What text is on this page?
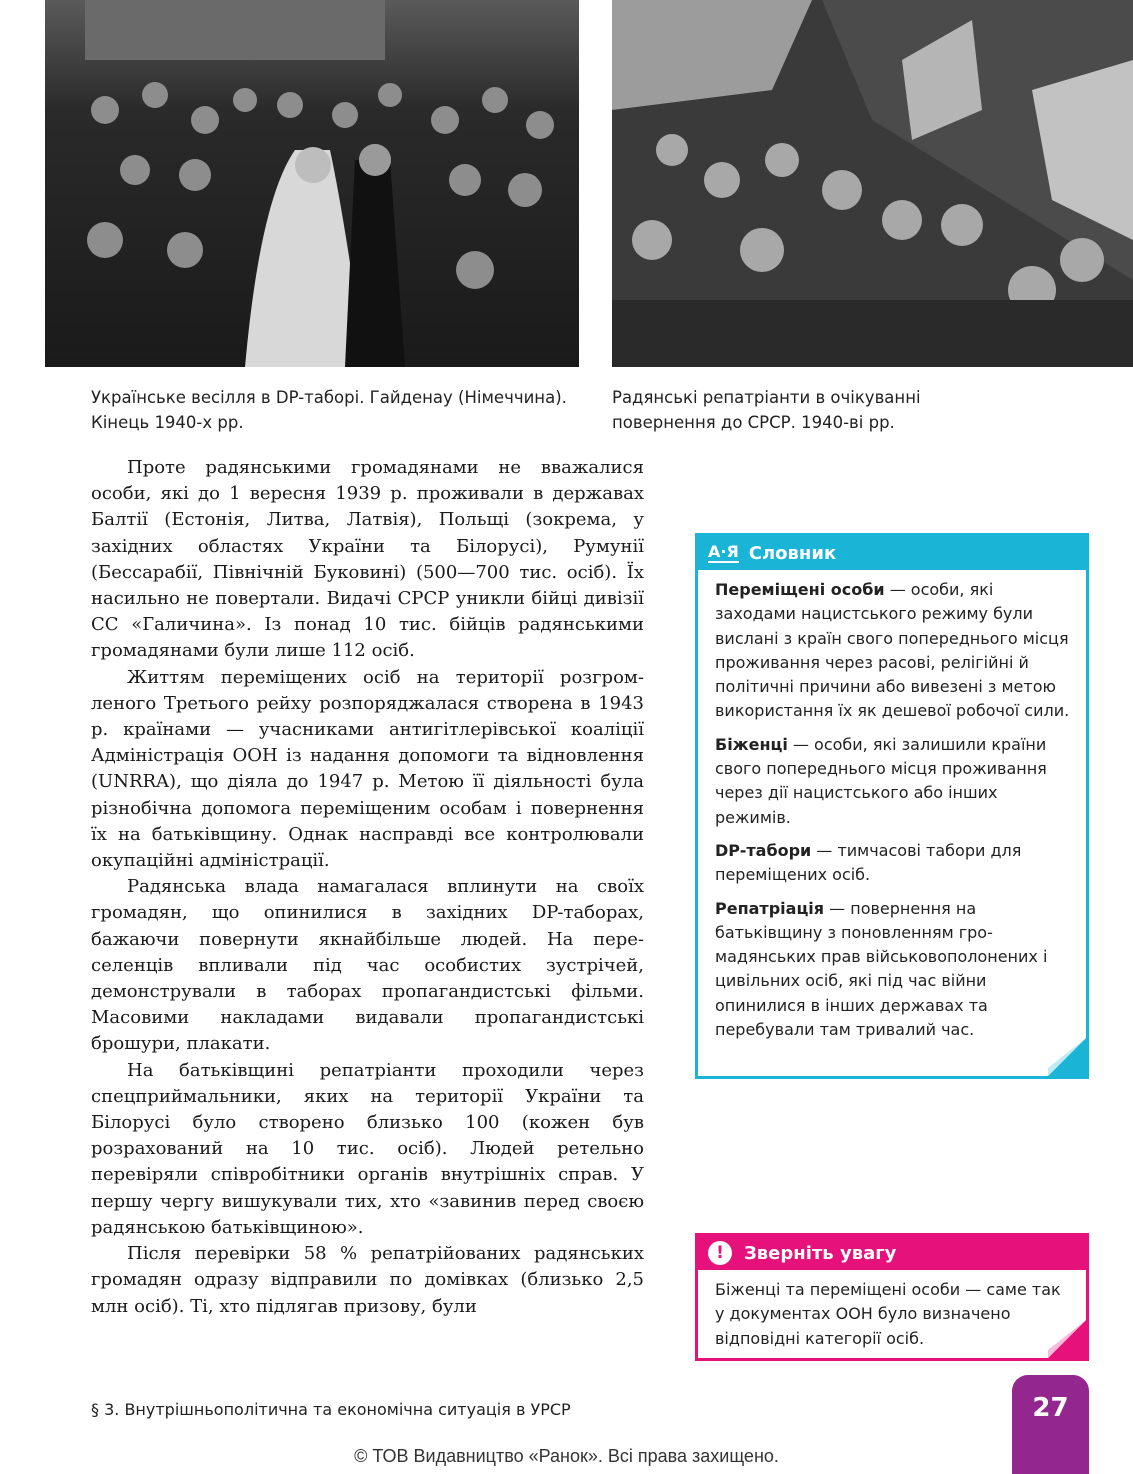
Українське весілля в DP-таборі. Гайденау (Німеччина).
Кінець 1940-х рр.
Радянські репатріанти в очікуванні
повернення до СРСР. 1940-ві рр.

Проте радянськими громадянами не вважалися особи, які до 1 вересня 1939 р. проживали в державах Балтії (Естонія, Литва, Латвія), Польщі (зокрема, у західних областях України та Білорусі), Румунії (Бессарабії, Північній Буковині) (500—700 тис. осіб). Їх насильно не повертали. Видачі СРСР уникли бійці дивізії СС «Галичина». Із понад 10 тис. бійців радянськими громадянами були лише 112 осіб.

Життям переміщених осіб на території розгромленого Третього рейху розпоряджалася створена в 1943 р. країнами — учасниками антигітлерівської коаліції Адміністрація ООН із надання допомоги та відновлення (UNRRA), що діяла до 1947 р. Метою її діяльності була різнобічна допомога переміщеним особам і повернення їх на батьківщину. Однак насправді все контролювали окупаційні адміністрації.

Радянська влада намагалася вплинути на своїх громадян, що опинилися в західних DP-таборах, бажаючи повернути якнайбільше людей. На переселенців впливали під час особистих зустрічей, демонстрували в таборах пропагандистські фільми. Масовими накладами видавали пропагандистські брошури, плакати.

На батьківщині репатріанти проходили через спецприймальники, яких на території України та Білорусі було створено близько 100 (кожен був розрахований на 10 тис. осіб). Людей ретельно перевіряли співробітники органів внутрішніх справ. У першу чергу вишукували тих, хто «завинив перед своєю радянською батьківщиною».

Після перевірки 58 % репатрійованих радянських громадян одразу відправили по домівках (близько 2,5 млн осіб). Ті, хто підлягав призову, були

А·Я Словник
Переміщені особи — особи, які заходами нацистського режиму були вислані з країн свого попереднього місця проживання через расові, релігійні й політичні причини або вивезені з метою використання їх як дешевої робочої сили.
Біженці — особи, які залишили країни свого попереднього місця проживання через дії нацистського або інших режимів.
DP-табори — тимчасові табори для переміщених осіб.
Репатріація — повернення на батьківщину з поновленням громадянських прав військовополонених і цивільних осіб, які під час війни опинилися в інших державах та перебували там тривалий час.
!	Зверніть увагу
Біженці та переміщені особи — саме так у документах ООН було визначено відповідні категорії осіб.
§ 3. Внутрішньополітична та економічна ситуація в УРСР	27
© ТОВ Видавництво «Ранок». Всі права захищено.
